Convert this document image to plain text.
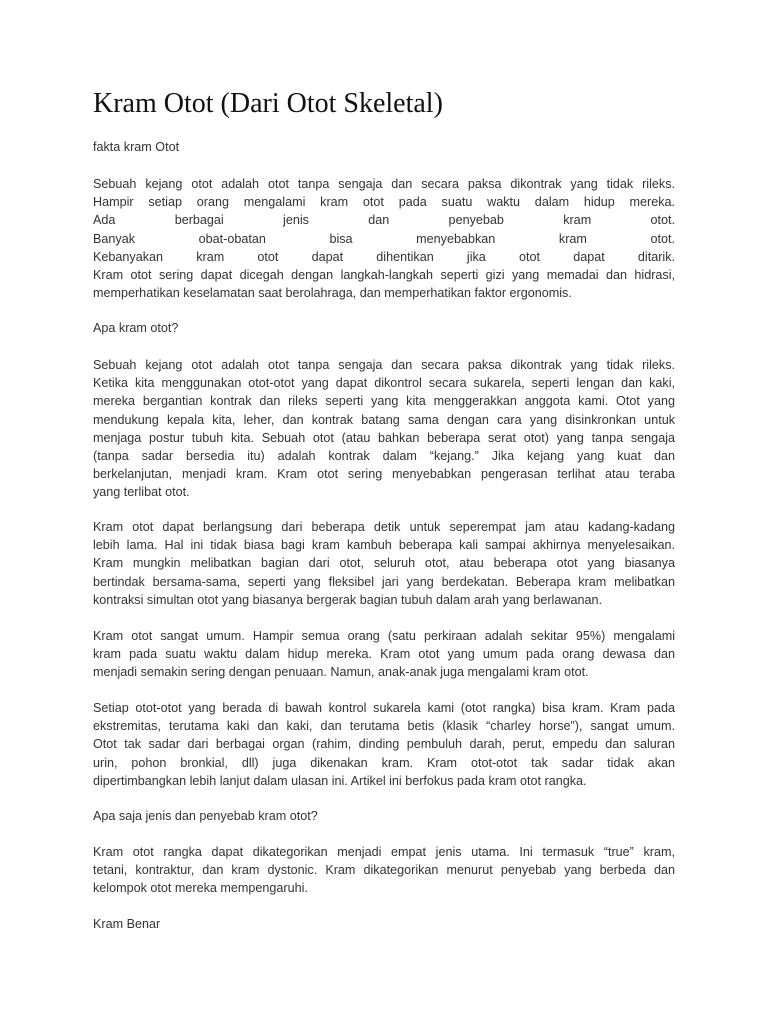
Kram Otot (Dari Otot Skeletal)
fakta kram Otot
Sebuah kejang otot adalah otot tanpa sengaja dan secara paksa dikontrak yang tidak rileks.
Hampir setiap orang mengalami kram otot pada suatu waktu dalam hidup mereka.
Ada berbagai jenis dan penyebab kram otot.
Banyak obat-obatan bisa menyebabkan kram otot.
Kebanyakan kram otot dapat dihentikan jika otot dapat ditarik.
Kram otot sering dapat dicegah dengan langkah-langkah seperti gizi yang memadai dan hidrasi,
memperhatikan keselamatan saat berolahraga, dan memperhatikan faktor ergonomis.
Apa kram otot?
Sebuah kejang otot adalah otot tanpa sengaja dan secara paksa dikontrak yang tidak rileks.
Ketika kita menggunakan otot-otot yang dapat dikontrol secara sukarela, seperti lengan dan kaki,
mereka bergantian kontrak dan rileks seperti yang kita menggerakkan anggota kami. Otot yang
mendukung kepala kita, leher, dan kontrak batang sama dengan cara yang disinkronkan untuk
menjaga postur tubuh kita. Sebuah otot (atau bahkan beberapa serat otot) yang tanpa sengaja
(tanpa sadar bersedia itu) adalah kontrak dalam “kejang.” Jika kejang yang kuat dan
berkelanjutan, menjadi kram. Kram otot sering menyebabkan pengerasan terlihat atau teraba
yang terlibat otot.
Kram otot dapat berlangsung dari beberapa detik untuk seperempat jam atau kadang-kadang
lebih lama. Hal ini tidak biasa bagi kram kambuh beberapa kali sampai akhirnya menyelesaikan.
Kram mungkin melibatkan bagian dari otot, seluruh otot, atau beberapa otot yang biasanya
bertindak bersama-sama, seperti yang fleksibel jari yang berdekatan. Beberapa kram melibatkan
kontraksi simultan otot yang biasanya bergerak bagian tubuh dalam arah yang berlawanan.
Kram otot sangat umum. Hampir semua orang (satu perkiraan adalah sekitar 95%) mengalami
kram pada suatu waktu dalam hidup mereka. Kram otot yang umum pada orang dewasa dan
menjadi semakin sering dengan penuaan. Namun, anak-anak juga mengalami kram otot.
Setiap otot-otot yang berada di bawah kontrol sukarela kami (otot rangka) bisa kram. Kram pada
ekstremitas, terutama kaki dan kaki, dan terutama betis (klasik “charley horse”), sangat umum.
Otot tak sadar dari berbagai organ (rahim, dinding pembuluh darah, perut, empedu dan saluran
urin, pohon bronkial, dll) juga dikenakan kram. Kram otot-otot tak sadar tidak akan
dipertimbangkan lebih lanjut dalam ulasan ini. Artikel ini berfokus pada kram otot rangka.
Apa saja jenis dan penyebab kram otot?
Kram otot rangka dapat dikategorikan menjadi empat jenis utama. Ini termasuk “true” kram,
tetani, kontraktur, dan kram dystonic. Kram dikategorikan menurut penyebab yang berbeda dan
kelompok otot mereka mempengaruhi.
Kram Benar
